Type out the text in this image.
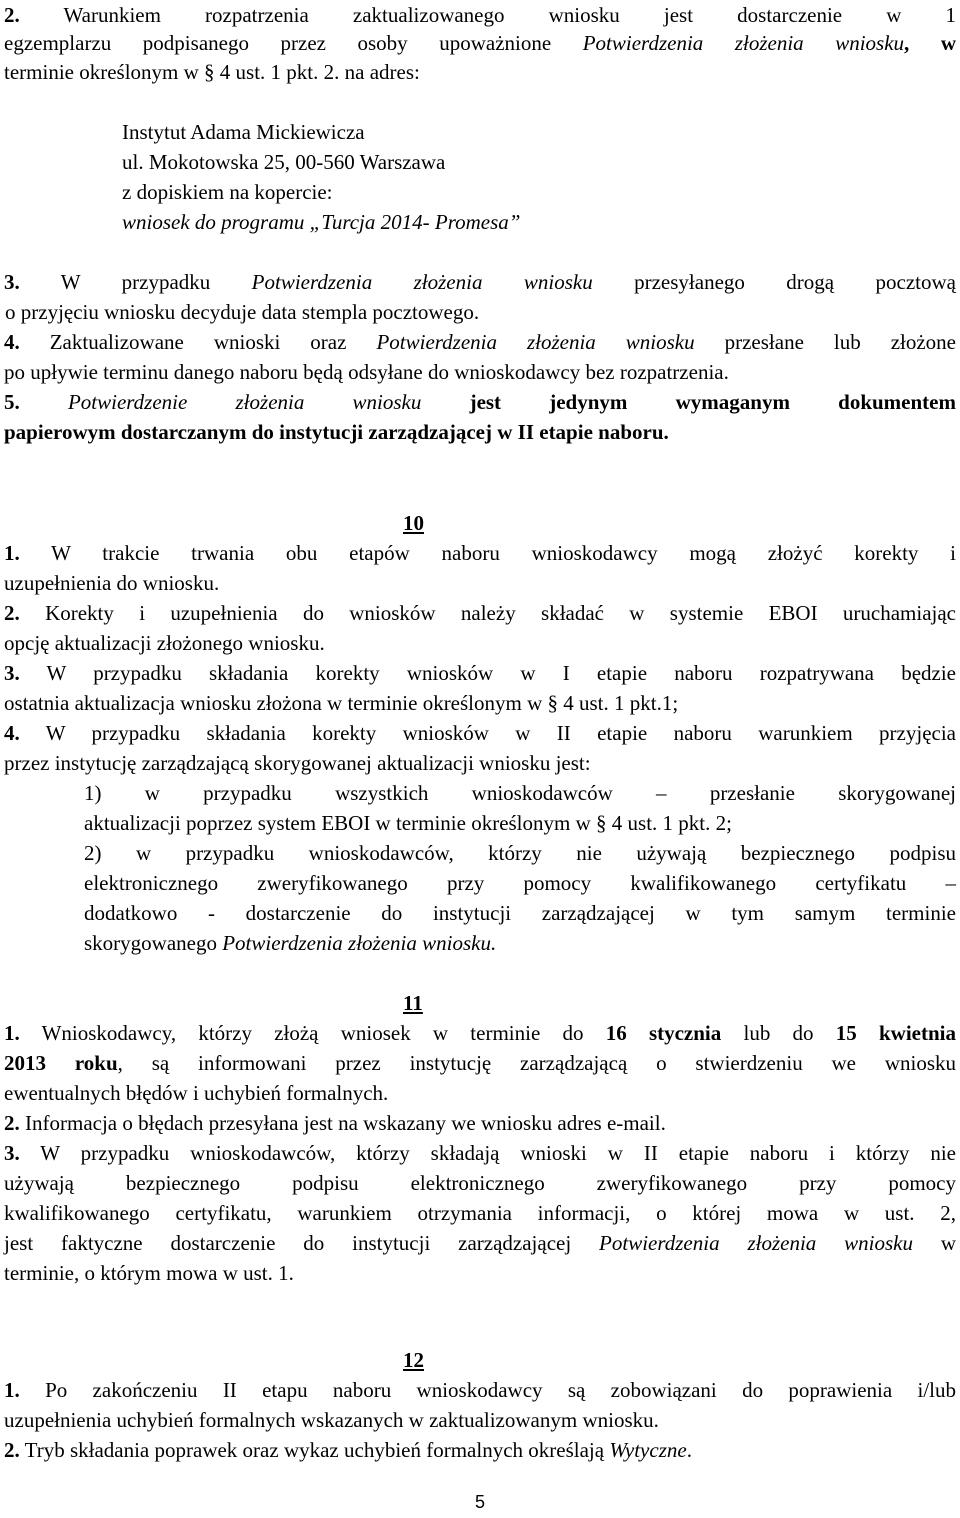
2. Warunkiem rozpatrzenia zaktualizowanego wniosku jest dostarczenie w 1

egzemplarzu podpisanego przez osoby upoważnione Potwierdzenia złożenia wniosku, w

terminie określonym w § 4 ust. 1 pkt. 2. na adres:

Instytut Adama Mickiewicza

ul. Mokotowska 25, 00-560 Warszawa

z dopiskiem na kopercie:

wniosek do programu „Turcja 2014- Promesa”

3. W przypadku Potwierdzenia złożenia wniosku przesyłanego drogą pocztową

o przyjęciu wniosku decyduje data stempla pocztowego.

4. Zaktualizowane wnioski oraz Potwierdzenia złożenia wniosku przesłane lub złożone

po upływie terminu danego naboru będą odsyłane do wnioskodawcy bez rozpatrzenia.

5. Potwierdzenie złożenia wniosku jest jedynym wymaganym dokumentem

papierowym dostarczanym do instytucji zarządzającej w II etapie naboru.

10

1. W trakcie trwania obu etapów naboru wnioskodawcy mogą złożyć korekty i

uzupełnienia do wniosku.

2. Korekty i uzupełnienia do wniosków należy składać w systemie EBOI uruchamiając

opcję aktualizacji złożonego wniosku.

3. W przypadku składania korekty wniosków w I etapie naboru rozpatrywana będzie

ostatnia aktualizacja wniosku złożona w terminie określonym w § 4 ust. 1 pkt.1;

4. W przypadku składania korekty wniosków w II etapie naboru warunkiem przyjęcia

przez instytucję zarządzającą skorygowanej aktualizacji wniosku jest:

1) w przypadku wszystkich wnioskodawców – przesłanie skorygowanej

aktualizacji poprzez system EBOI w terminie określonym w § 4 ust. 1 pkt. 2;

2) w przypadku wnioskodawców, którzy nie używają bezpiecznego podpisu

elektronicznego zweryfikowanego przy pomocy kwalifikowanego certyfikatu –

dodatkowo - dostarczenie do instytucji zarządzającej w tym samym terminie

skorygowanego Potwierdzenia złożenia wniosku.

11

1. Wnioskodawcy, którzy złożą wniosek w terminie do 16 stycznia lub do 15 kwietnia

2013 roku, są informowani przez instytucję zarządzającą o stwierdzeniu we wniosku

ewentualnych błędów i uchybień formalnych.

2. Informacja o błędach przesyłana jest na wskazany we wniosku adres e-mail.

3. W przypadku wnioskodawców, którzy składają wnioski w II etapie naboru i którzy nie

używają bezpiecznego podpisu elektronicznego zweryfikowanego przy pomocy

kwalifikowanego certyfikatu, warunkiem otrzymania informacji, o której mowa w ust. 2,

jest faktyczne dostarczenie do instytucji zarządzającej Potwierdzenia złożenia wniosku w

terminie, o którym mowa w ust. 1.

12

1. Po zakończeniu II etapu naboru wnioskodawcy są zobowiązani do poprawienia i/lub

uzupełnienia uchybień formalnych wskazanych w zaktualizowanym wniosku.

2. Tryb składania poprawek oraz wykaz uchybień formalnych określają Wytyczne.

5
